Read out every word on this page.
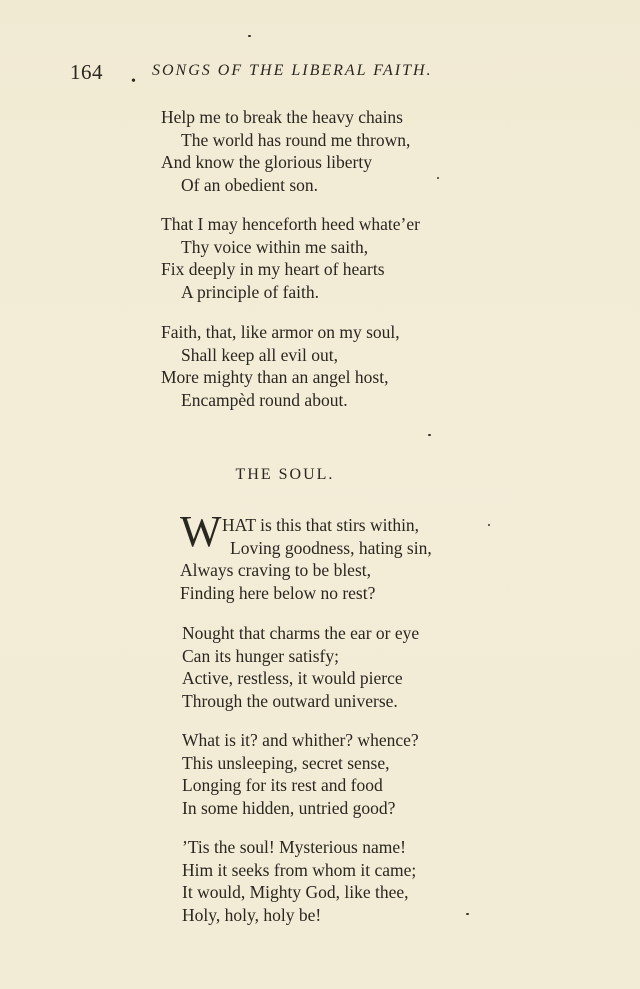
164 •
SONGS OF THE LIBERAL FAITH.
Help me to break the heavy chains
The world has round me thrown,
And know the glorious liberty
Of an obedient son.
That I may henceforth heed whate’er
Thy voice within me saith,
Fix deeply in my heart of hearts
A principle of faith.
Faith, that, like armor on my soul,
Shall keep all evil out,
More mighty than an angel host,
Encampèd round about.
THE SOUL.
W HAT is this that stirs within,
Loving goodness, hating sin,
Always craving to be blest,
Finding here below no rest?
Nought that charms the ear or eye
Can its hunger satisfy;
Active, restless, it would pierce
Through the outward universe.
What is it? and whither? whence?
This unsleeping, secret sense,
Longing for its rest and food
In some hidden, untried good?
’Tis the soul! Mysterious name!
Him it seeks from whom it came;
It would, Mighty God, like thee,
Holy, holy, holy be!
